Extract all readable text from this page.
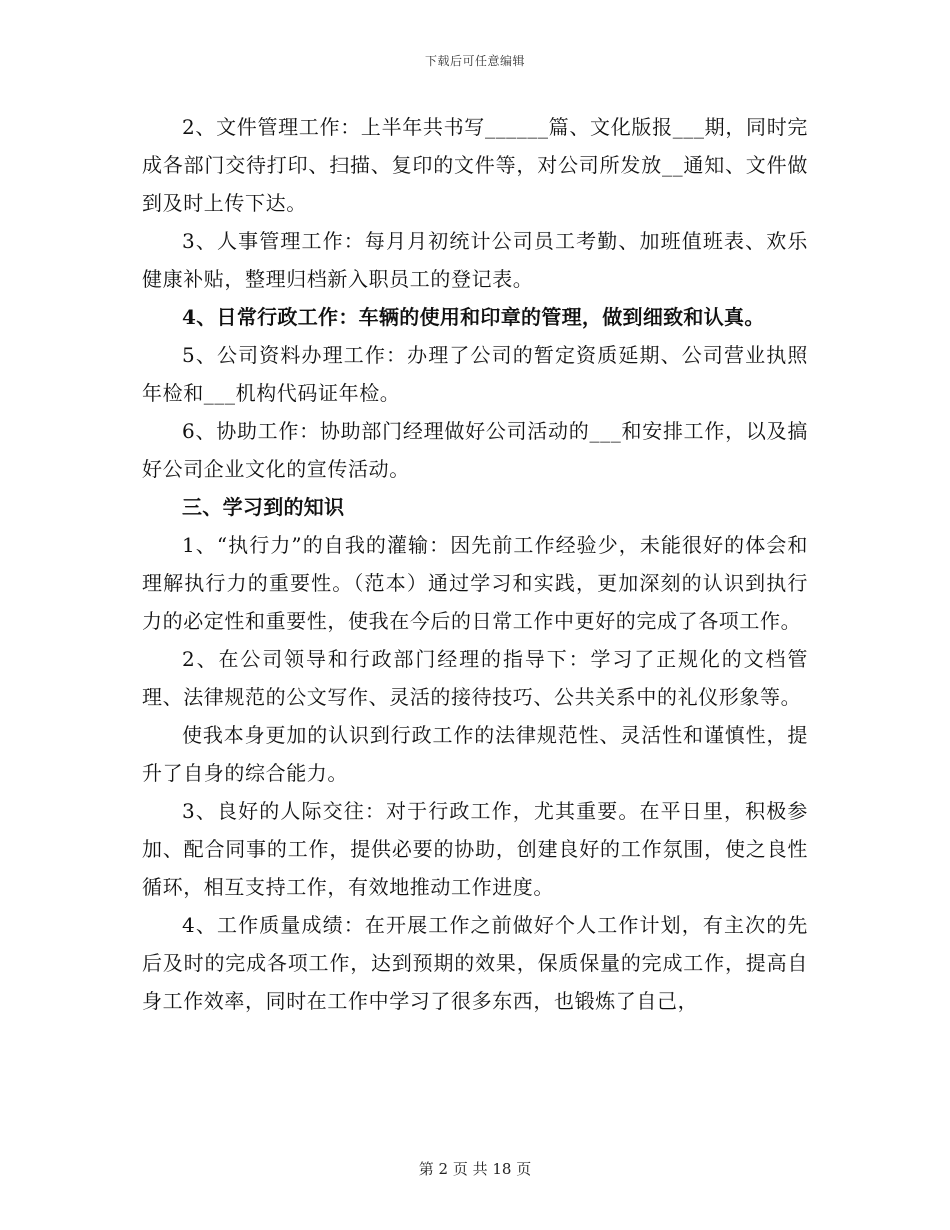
下载后可任意编辑

2、文件管理工作：上半年共书写______篇、文化版报___期，同时完成各部门交待打印、扫描、复印的文件等，对公司所发放__通知、文件做到及时上传下达。

3、人事管理工作：每月月初统计公司员工考勤、加班值班表、欢乐健康补贴，整理归档新入职员工的登记表。

4、日常行政工作：车辆的使用和印章的管理，做到细致和认真。

5、公司资料办理工作：办理了公司的暂定资质延期、公司营业执照年检和___机构代码证年检。

6、协助工作：协助部门经理做好公司活动的___和安排工作，以及搞好公司企业文化的宣传活动。

三、学习到的知识

1、“执行力”的自我的灌输：因先前工作经验少，未能很好的体会和理解执行力的重要性。（范本）通过学习和实践，更加深刻的认识到执行力的必定性和重要性，使我在今后的日常工作中更好的完成了各项工作。

2、在公司领导和行政部门经理的指导下：学习了正规化的文档管理、法律规范的公文写作、灵活的接待技巧、公共关系中的礼仪形象等。

使我本身更加的认识到行政工作的法律规范性、灵活性和谨慎性，提升了自身的综合能力。

3、良好的人际交往：对于行政工作，尤其重要。在平日里，积极参加、配合同事的工作，提供必要的协助，创建良好的工作氛围，使之良性循环，相互支持工作，有效地推动工作进度。

4、工作质量成绩：在开展工作之前做好个人工作计划，有主次的先后及时的完成各项工作，达到预期的效果，保质保量的完成工作，提高自身工作效率，同时在工作中学习了很多东西，也锻炼了自己，

第 2 页 共 18 页
